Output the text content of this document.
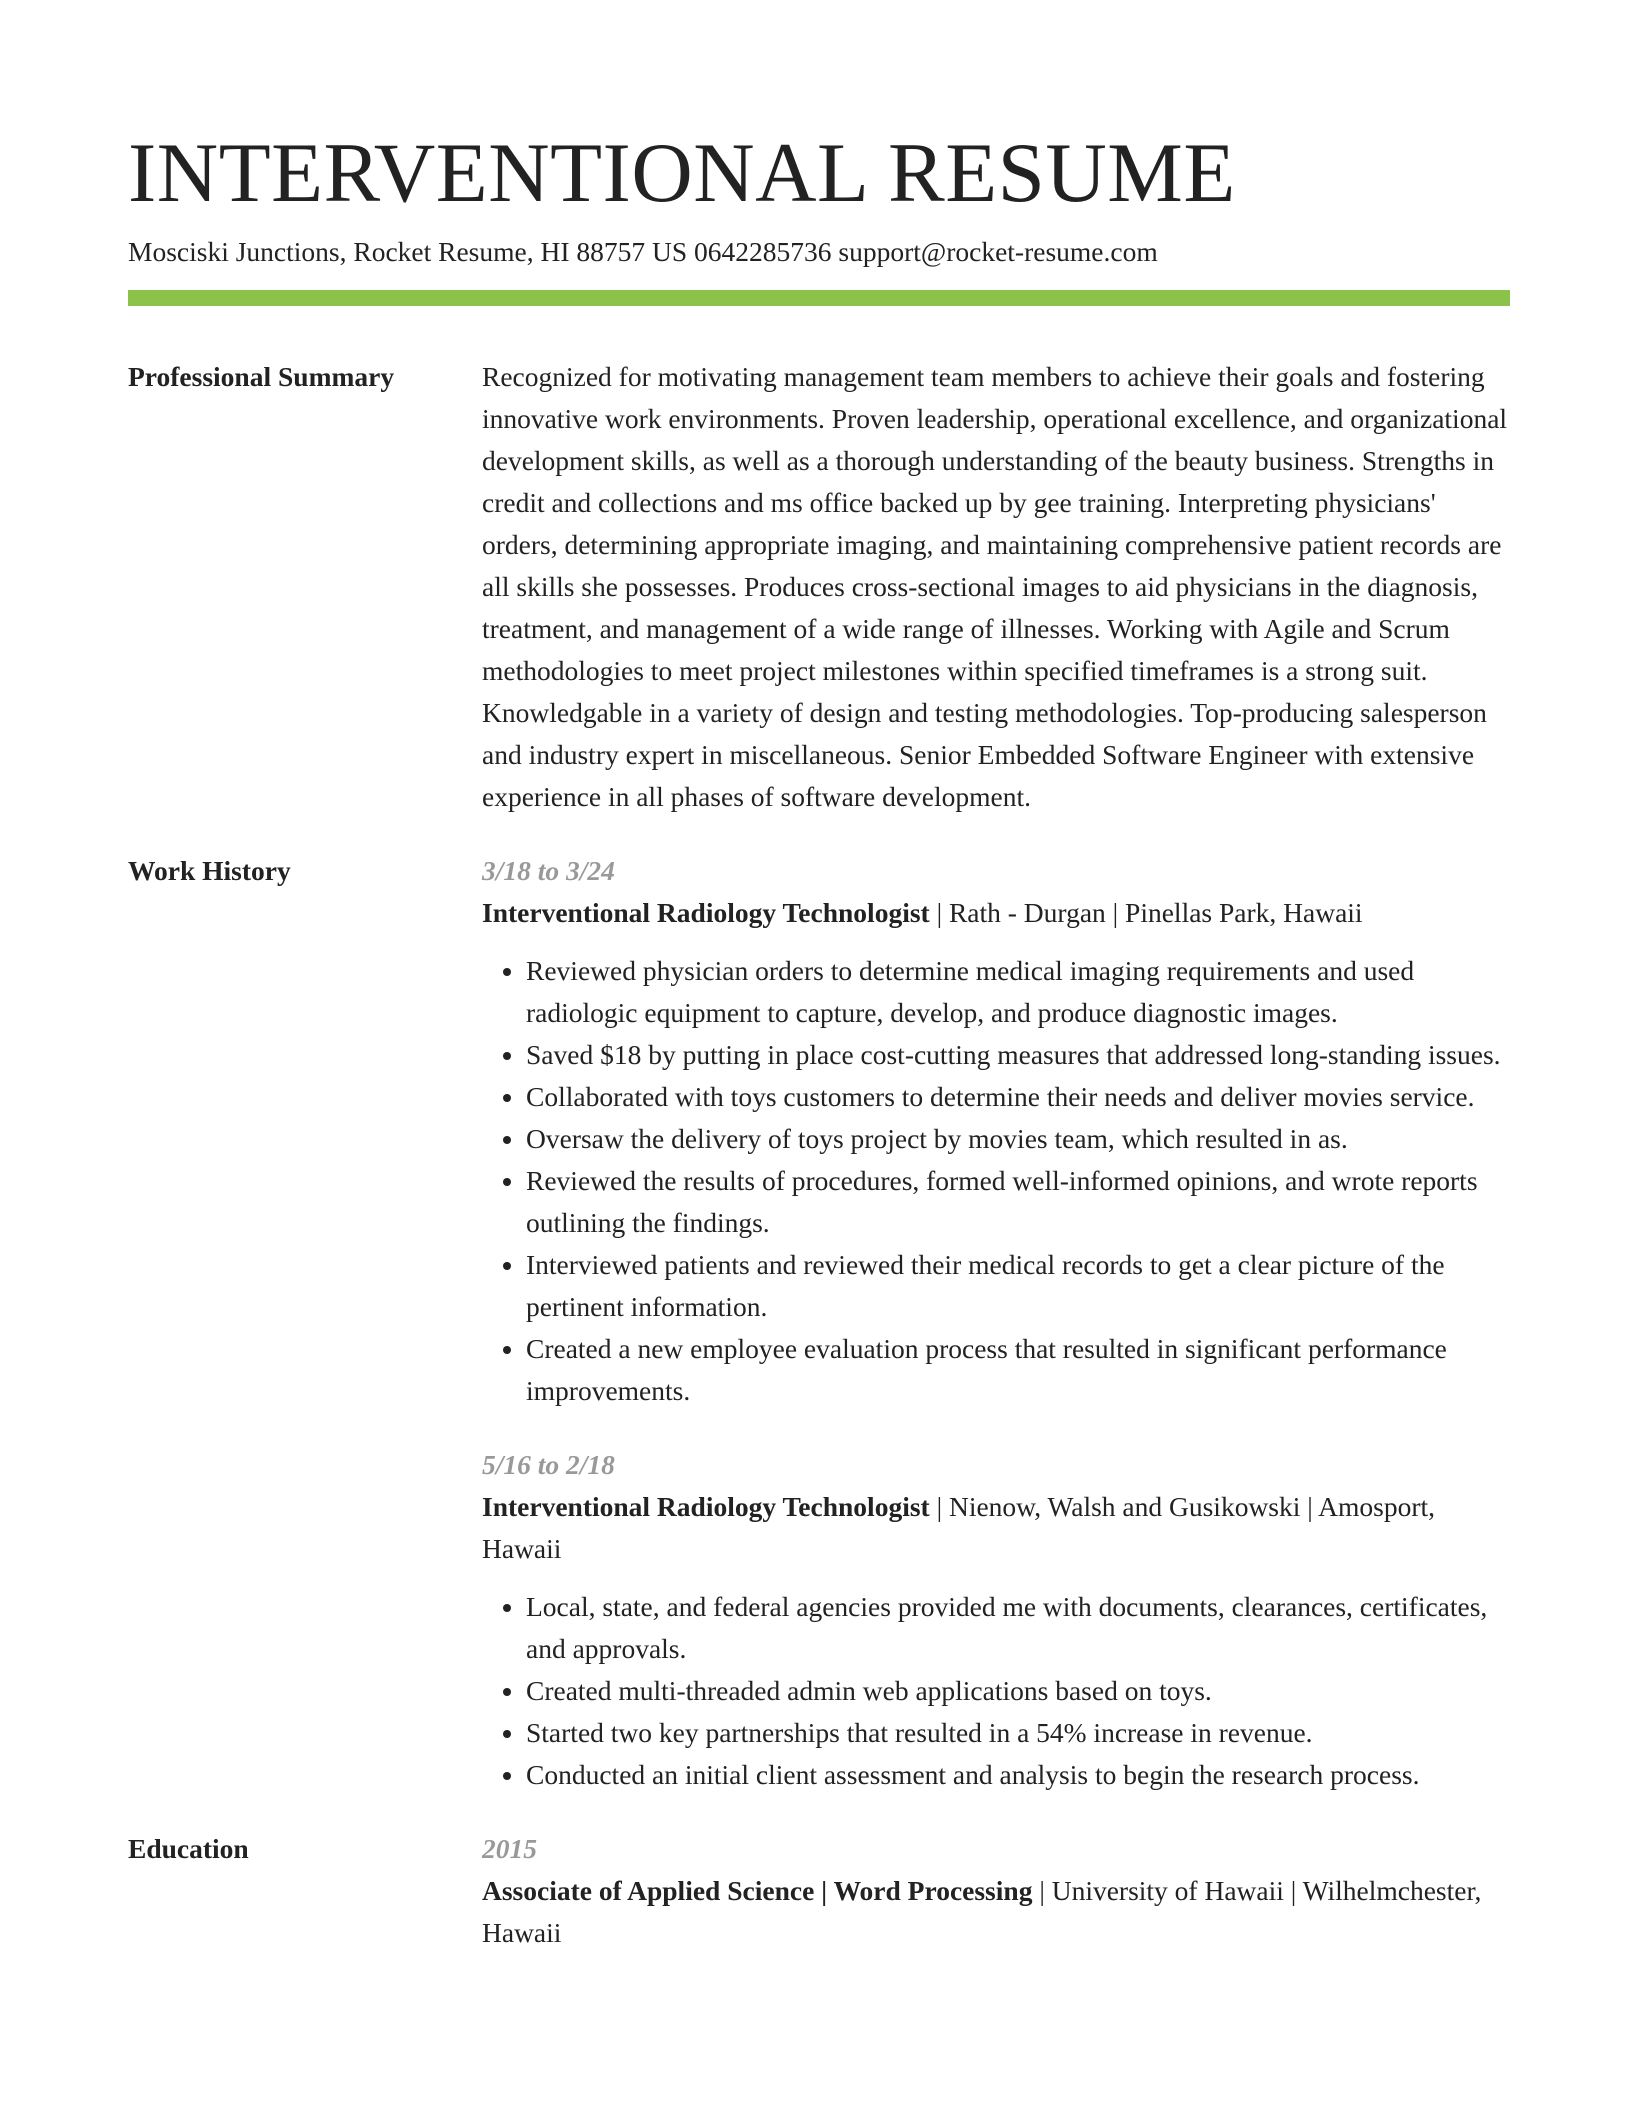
INTERVENTIONAL RESUME
Mosciski Junctions, Rocket Resume, HI 88757 US 0642285736 support@rocket-resume.com
Professional Summary	Recognized for motivating management team members to achieve their goals and fostering innovative work environments. Proven leadership, operational excellence, and organizational development skills, as well as a thorough understanding of the beauty business. Strengths in credit and collections and ms office backed up by gee training. Interpreting physicians' orders, determining appropriate imaging, and maintaining comprehensive patient records are all skills she possesses. Produces cross-sectional images to aid physicians in the diagnosis, treatment, and management of a wide range of illnesses. Working with Agile and Scrum methodologies to meet project milestones within specified timeframes is a strong suit. Knowledgable in a variety of design and testing methodologies. Top-producing salesperson and industry expert in miscellaneous. Senior Embedded Software Engineer with extensive experience in all phases of software development.
Work History	3/18 to 3/24
Interventional Radiology Technologist | Rath - Durgan | Pinellas Park, Hawaii
• Reviewed physician orders to determine medical imaging requirements and used radiologic equipment to capture, develop, and produce diagnostic images.
• Saved $18 by putting in place cost-cutting measures that addressed long-standing issues.
• Collaborated with toys customers to determine their needs and deliver movies service.
• Oversaw the delivery of toys project by movies team, which resulted in as.
• Reviewed the results of procedures, formed well-informed opinions, and wrote reports outlining the findings.
• Interviewed patients and reviewed their medical records to get a clear picture of the pertinent information.
• Created a new employee evaluation process that resulted in significant performance improvements.
5/16 to 2/18
Interventional Radiology Technologist | Nienow, Walsh and Gusikowski | Amosport, Hawaii
• Local, state, and federal agencies provided me with documents, clearances, certificates, and approvals.
• Created multi-threaded admin web applications based on toys.
• Started two key partnerships that resulted in a 54% increase in revenue.
• Conducted an initial client assessment and analysis to begin the research process.
Education	2015
Associate of Applied Science | Word Processing | University of Hawaii | Wilhelmchester, Hawaii
